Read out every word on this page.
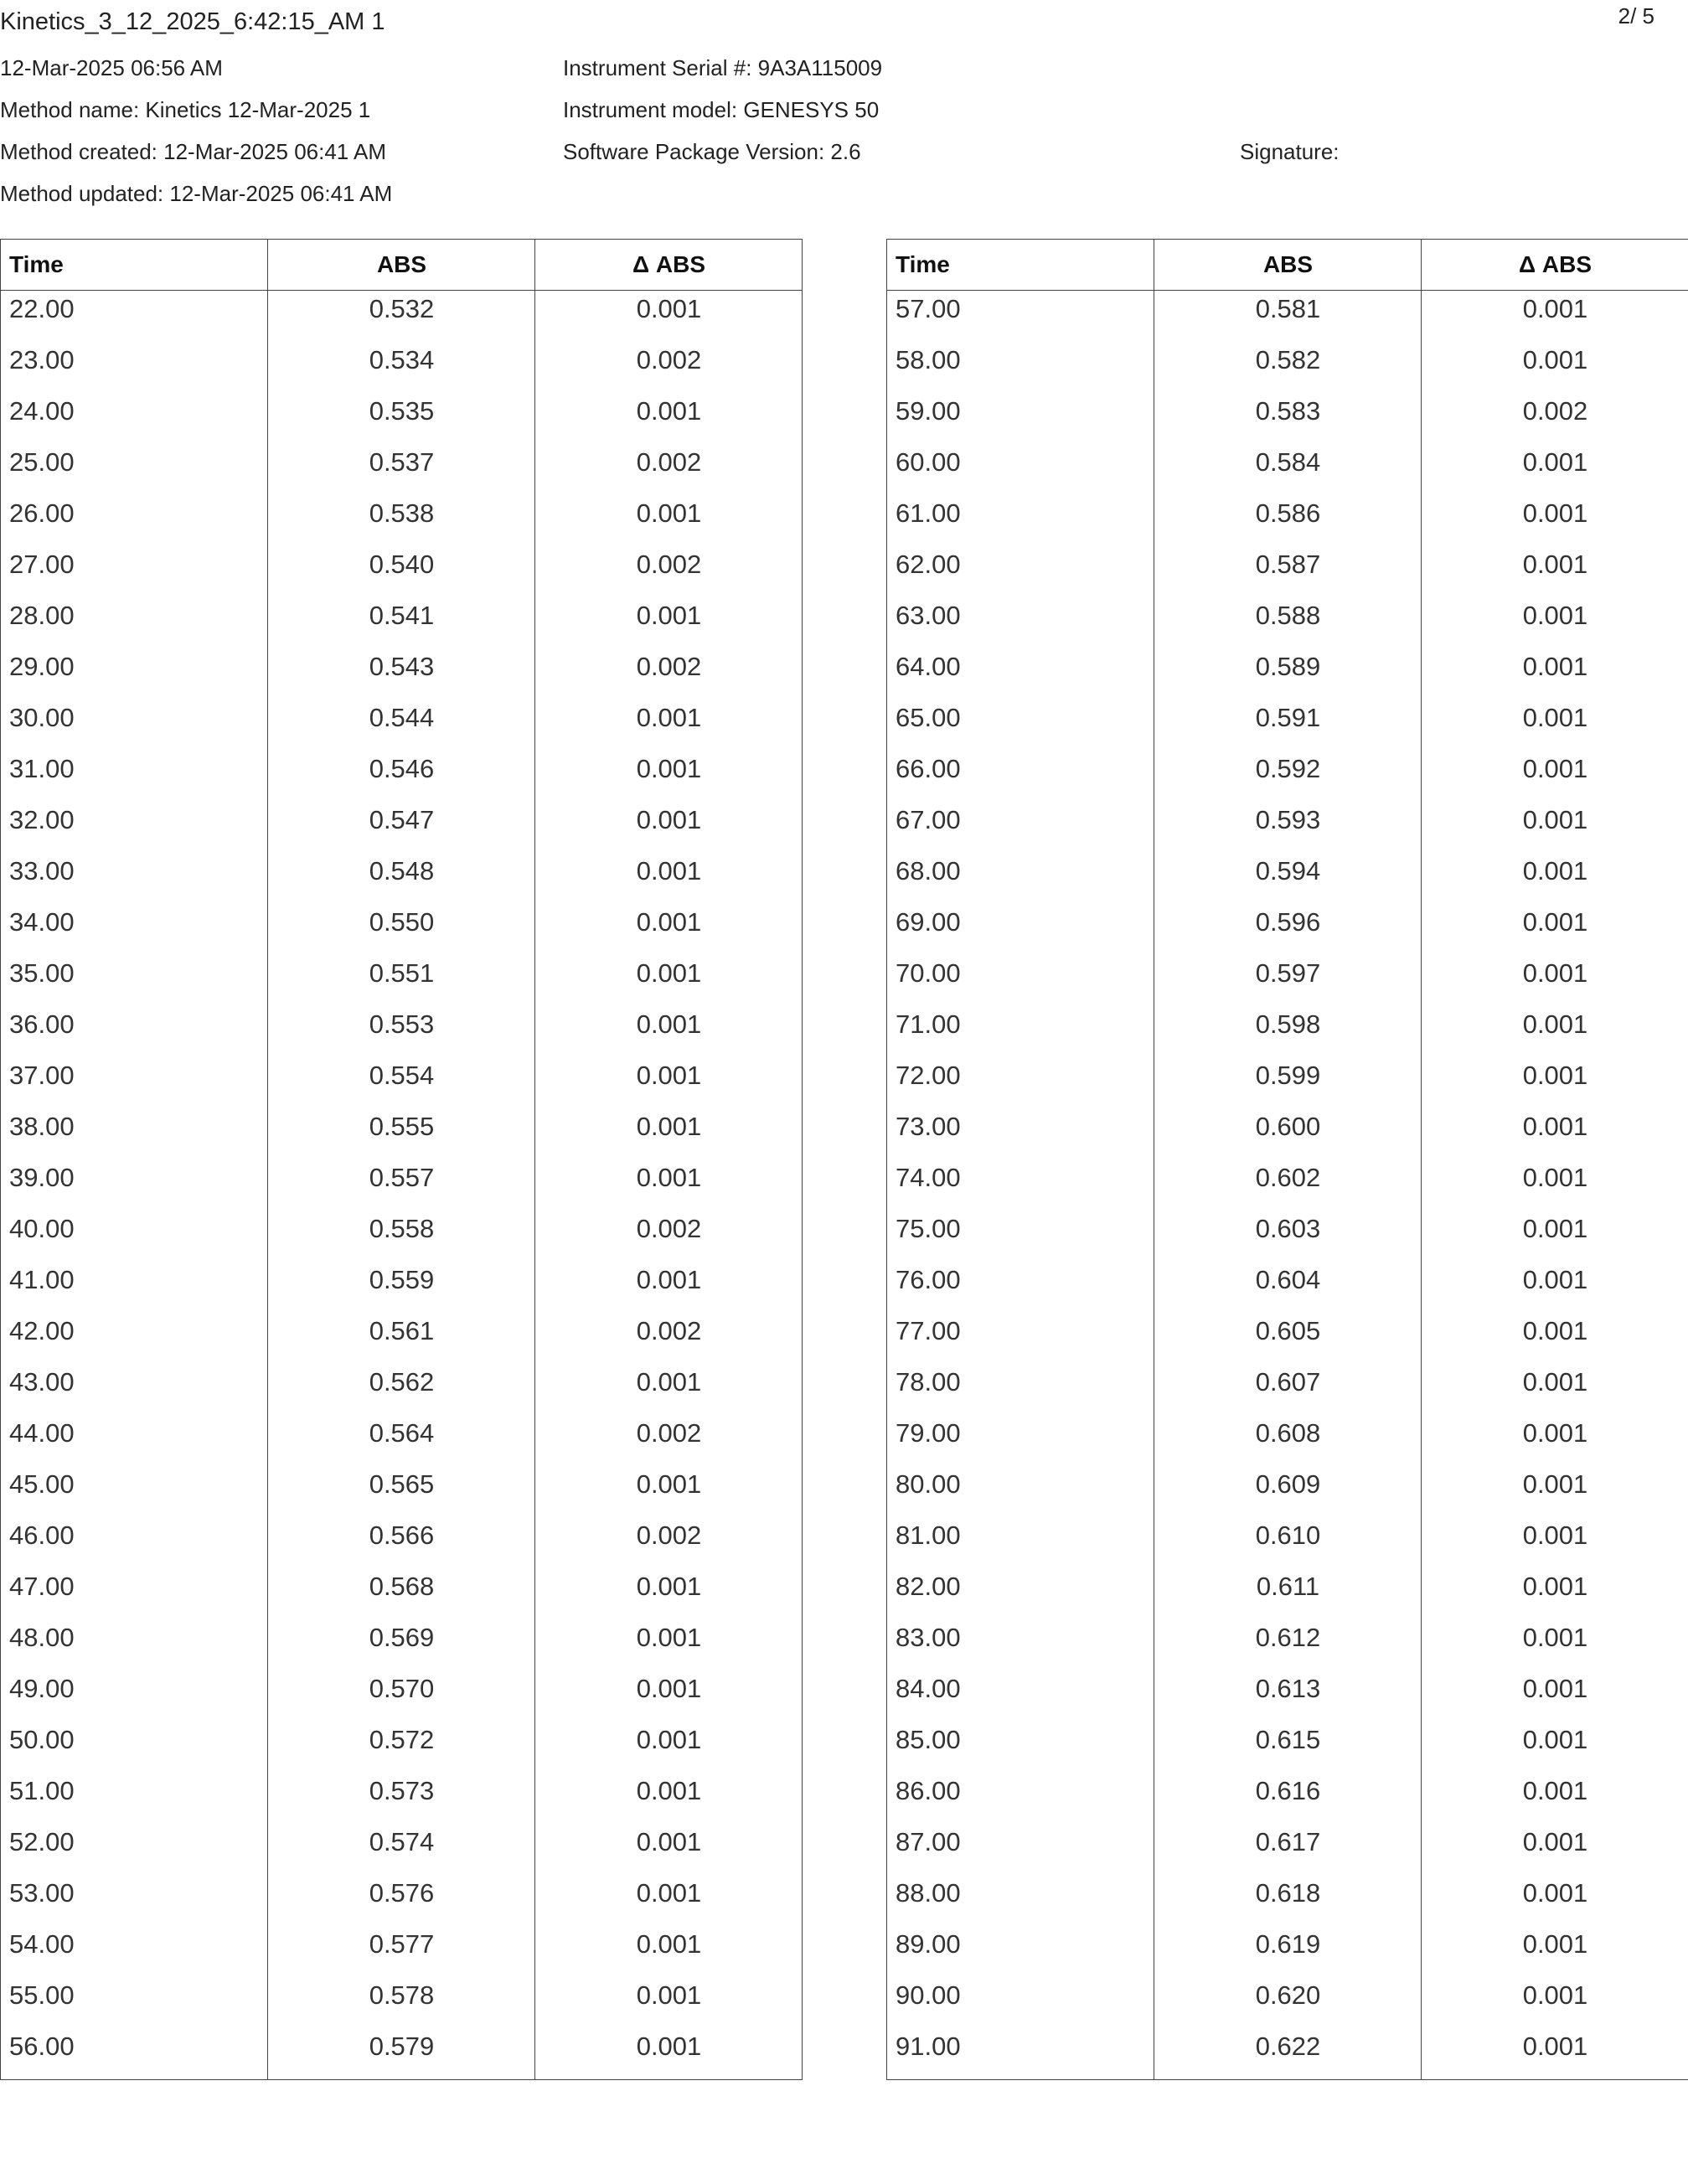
Kinetics_3_12_2025_6:42:15_AM 1	2/ 5
12-Mar-2025 06:56 AM
Method name: Kinetics 12-Mar-2025 1
Method created: 12-Mar-2025 06:41 AM
Method updated: 12-Mar-2025 06:41 AM
Instrument Serial #: 9A3A115009
Instrument model: GENESYS 50
Software Package Version: 2.6	Signature:
Time	ABS	Δ ABS
22.00	0.532	0.001
23.00	0.534	0.002
24.00	0.535	0.001
25.00	0.537	0.002
26.00	0.538	0.001
27.00	0.540	0.002
28.00	0.541	0.001
29.00	0.543	0.002
30.00	0.544	0.001
31.00	0.546	0.001
32.00	0.547	0.001
33.00	0.548	0.001
34.00	0.550	0.001
35.00	0.551	0.001
36.00	0.553	0.001
37.00	0.554	0.001
38.00	0.555	0.001
39.00	0.557	0.001
40.00	0.558	0.002
41.00	0.559	0.001
42.00	0.561	0.002
43.00	0.562	0.001
44.00	0.564	0.002
45.00	0.565	0.001
46.00	0.566	0.002
47.00	0.568	0.001
48.00	0.569	0.001
49.00	0.570	0.001
50.00	0.572	0.001
51.00	0.573	0.001
52.00	0.574	0.001
53.00	0.576	0.001
54.00	0.577	0.001
55.00	0.578	0.001
56.00	0.579	0.001
Time	ABS	Δ ABS
57.00	0.581	0.001
58.00	0.582	0.001
59.00	0.583	0.002
60.00	0.584	0.001
61.00	0.586	0.001
62.00	0.587	0.001
63.00	0.588	0.001
64.00	0.589	0.001
65.00	0.591	0.001
66.00	0.592	0.001
67.00	0.593	0.001
68.00	0.594	0.001
69.00	0.596	0.001
70.00	0.597	0.001
71.00	0.598	0.001
72.00	0.599	0.001
73.00	0.600	0.001
74.00	0.602	0.001
75.00	0.603	0.001
76.00	0.604	0.001
77.00	0.605	0.001
78.00	0.607	0.001
79.00	0.608	0.001
80.00	0.609	0.001
81.00	0.610	0.001
82.00	0.611	0.001
83.00	0.612	0.001
84.00	0.613	0.001
85.00	0.615	0.001
86.00	0.616	0.001
87.00	0.617	0.001
88.00	0.618	0.001
89.00	0.619	0.001
90.00	0.620	0.001
91.00	0.622	0.001
